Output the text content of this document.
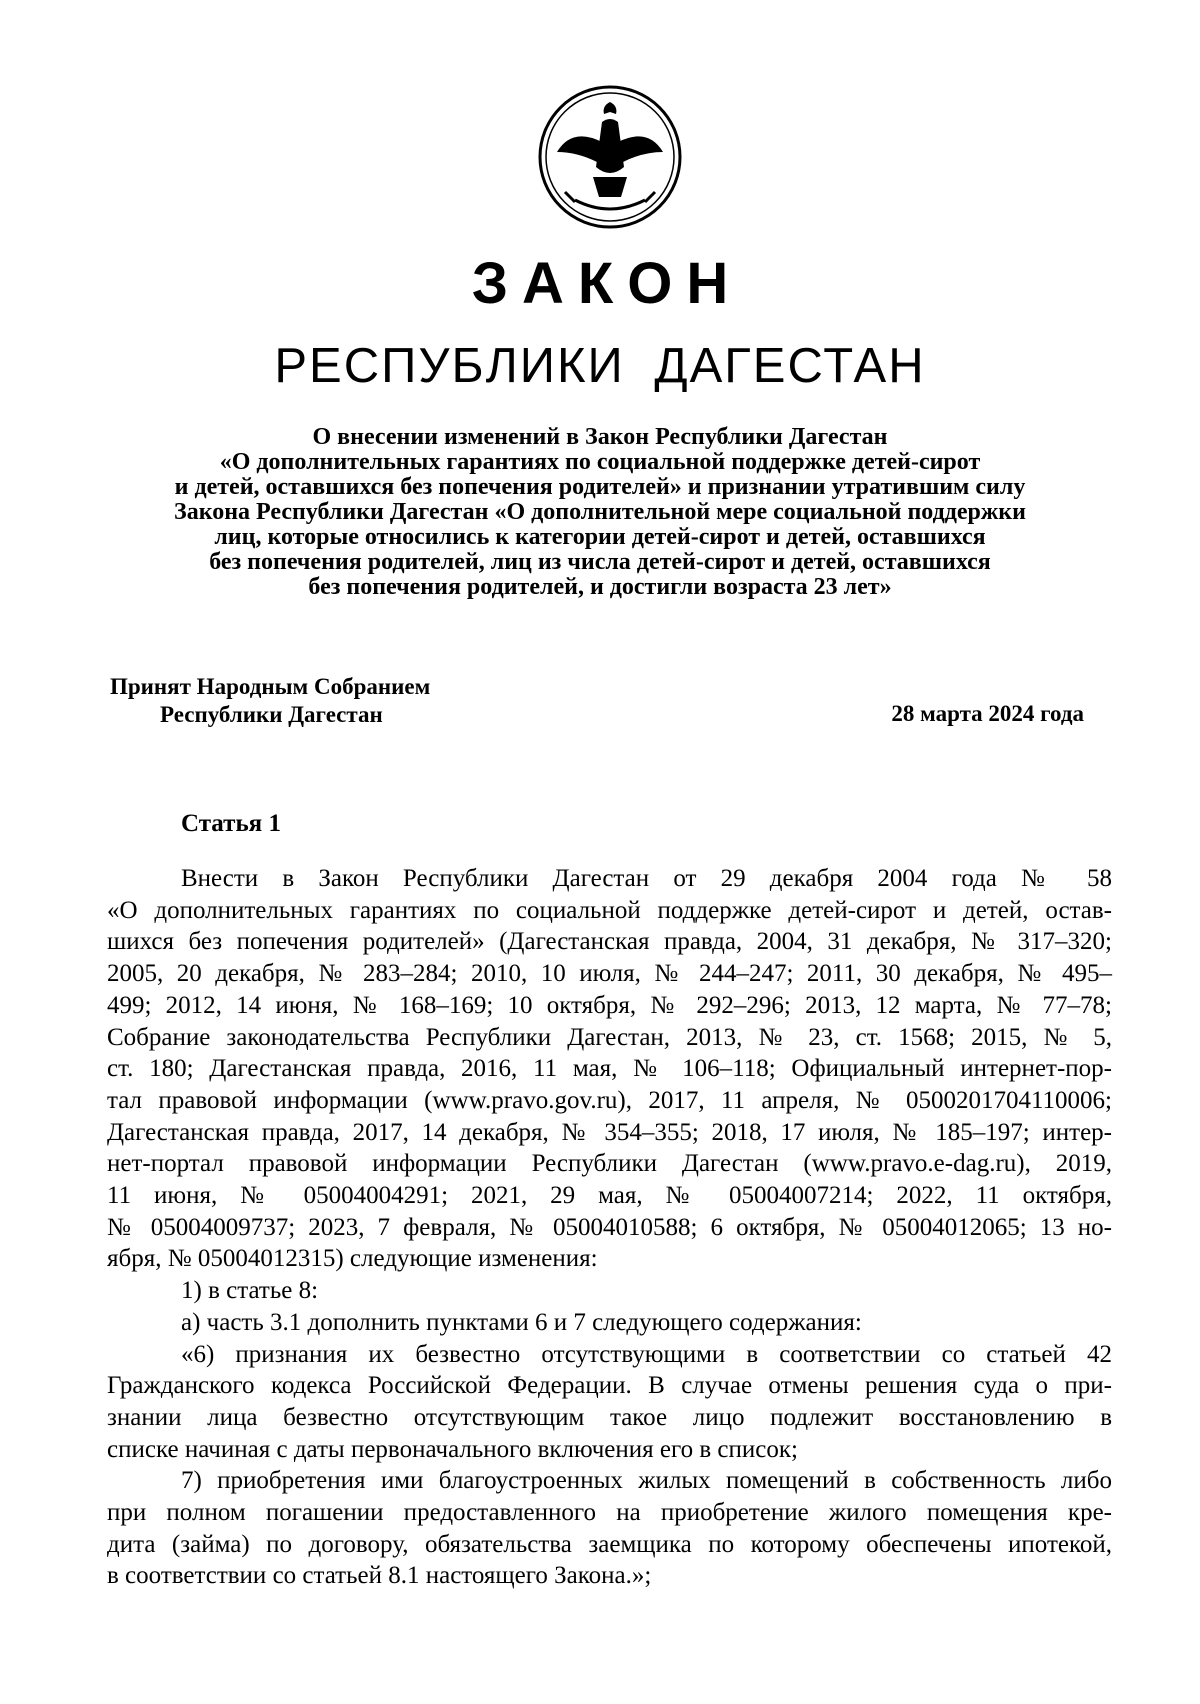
ЗАКОН
РЕСПУБЛИКИ ДАГЕСТАН
О внесении изменений в Закон Республики Дагестан
«О дополнительных гарантиях по социальной поддержке детей-сирот
и детей, оставшихся без попечения родителей» и признании утратившим силу
Закона Республики Дагестан «О дополнительной мере социальной поддержки
лиц, которые относились к категории детей-сирот и детей, оставшихся
без попечения родителей, лиц из числа детей-сирот и детей, оставшихся
без попечения родителей, и достигли возраста 23 лет»
Принят Народным Собранием
Республики Дагестан	28 марта 2024 года
Статья 1

Внести в Закон Республики Дагестан от 29 декабря 2004 года № 58

«О дополнительных гарантиях по социальной поддержке детей-сирот и детей, остав-

шихся без попечения родителей» (Дагестанская правда, 2004, 31 декабря, № 317–320;

2005, 20 декабря, № 283–284; 2010, 10 июля, № 244–247; 2011, 30 декабря, № 495–

499; 2012, 14 июня, № 168–169; 10 октября, № 292–296; 2013, 12 марта, № 77–78;

Собрание законодательства Республики Дагестан, 2013, № 23, ст. 1568; 2015, № 5,

ст. 180; Дагестанская правда, 2016, 11 мая, № 106–118; Официальный интернет-пор-

тал правовой информации (www.pravo.gov.ru), 2017, 11 апреля, № 0500201704110006;

Дагестанская правда, 2017, 14 декабря, № 354–355; 2018, 17 июля, № 185–197; интер-

нет-портал правовой информации Республики Дагестан (www.pravo.e-dag.ru), 2019,

11 июня, № 05004004291; 2021, 29 мая, № 05004007214; 2022, 11 октября,

№ 05004009737; 2023, 7 февраля, № 05004010588; 6 октября, № 05004012065; 13 но-

ября, № 05004012315) следующие изменения:

1) в статье 8:

а) часть 3.1 дополнить пунктами 6 и 7 следующего содержания:

«6) признания их безвестно отсутствующими в соответствии со статьей 42

Гражданского кодекса Российской Федерации. В случае отмены решения суда о при-

знании лица безвестно отсутствующим такое лицо подлежит восстановлению в

списке начиная с даты первоначального включения его в список;

7) приобретения ими благоустроенных жилых помещений в собственность либо

при полном погашении предоставленного на приобретение жилого помещения кре-

дита (займа) по договору, обязательства заемщика по которому обеспечены ипотекой,

в соответствии со статьей 8.1 настоящего Закона.»;
